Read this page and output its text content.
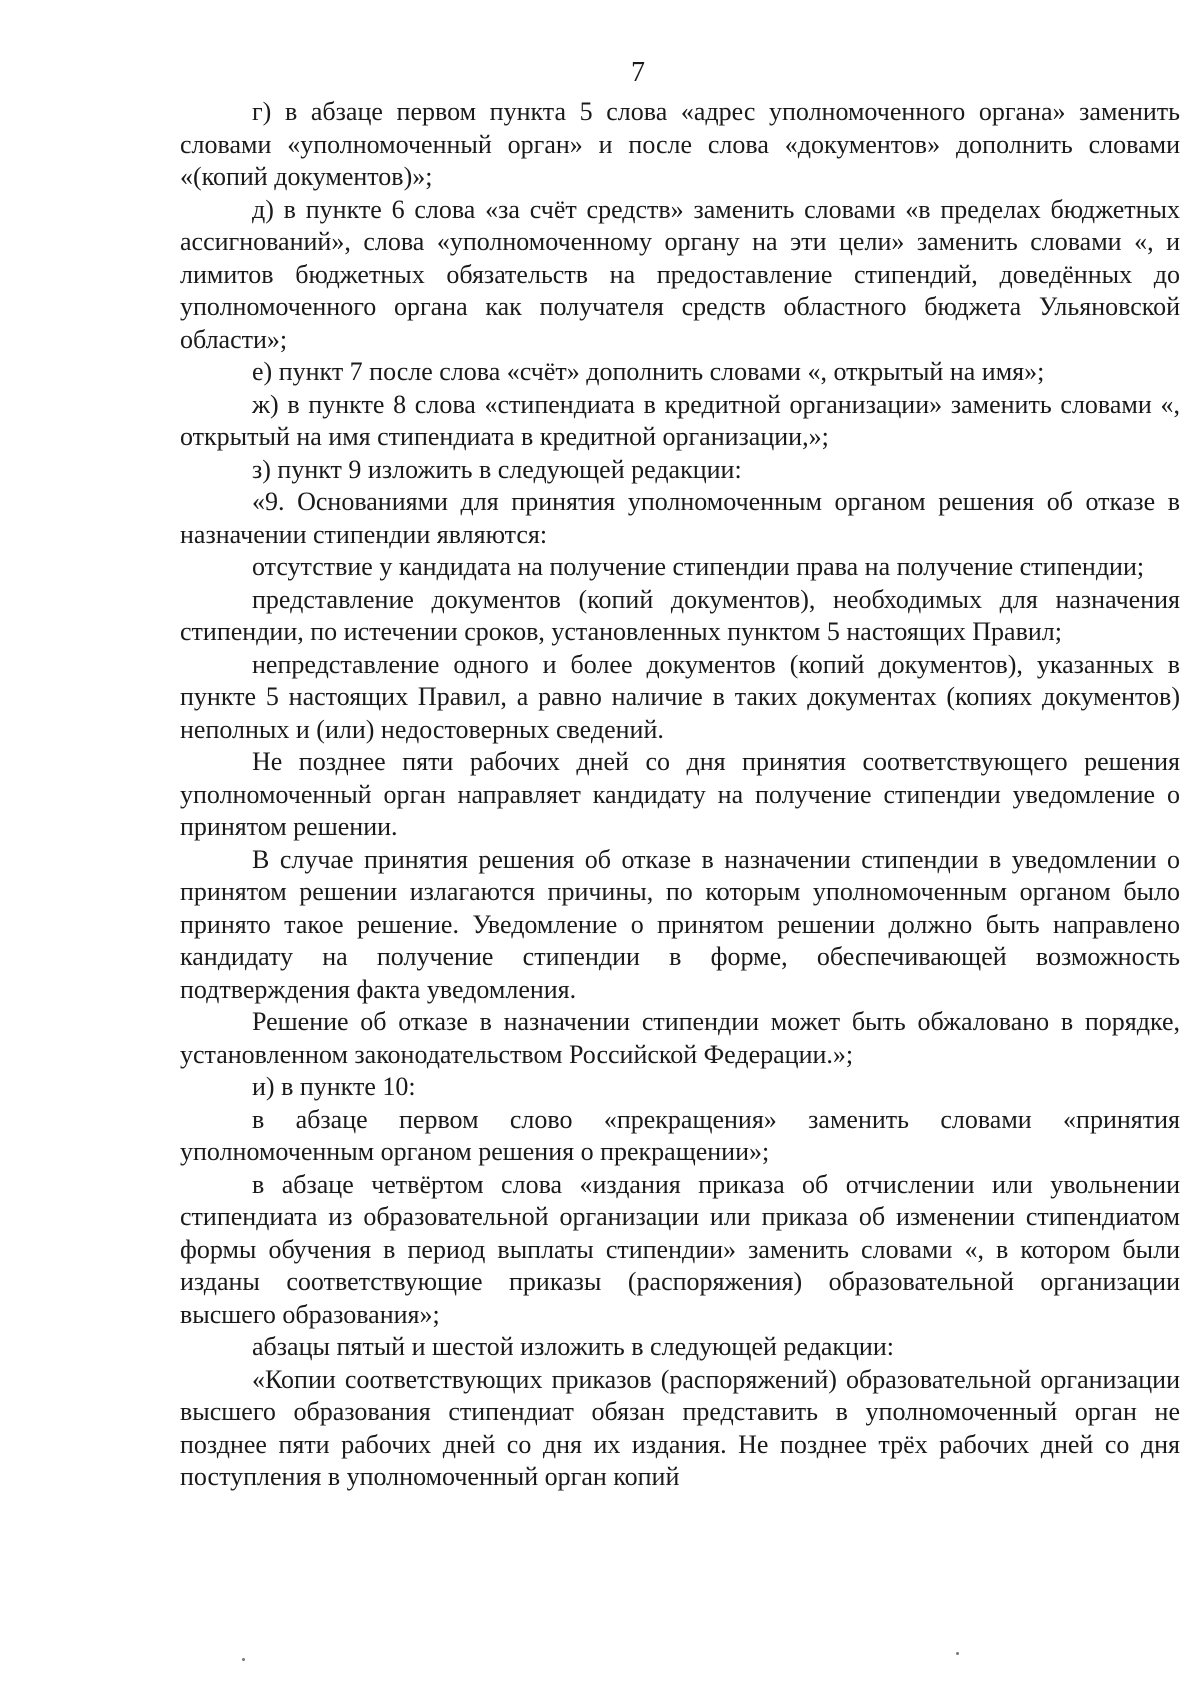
7

г) в абзаце первом пункта 5 слова «адрес уполномоченного органа» заменить словами «уполномоченный орган» и после слова «документов» дополнить словами «(копий документов)»;

д) в пункте 6 слова «за счёт средств» заменить словами «в пределах бюджетных ассигнований», слова «уполномоченному органу на эти цели» заменить словами «, и лимитов бюджетных обязательств на предоставление стипендий, доведённых до уполномоченного органа как получателя средств областного бюджета Ульяновской области»;

е) пункт 7 после слова «счёт» дополнить словами «, открытый на имя»;

ж) в пункте 8 слова «стипендиата в кредитной организации» заменить словами «, открытый на имя стипендиата в кредитной организации,»;

з) пункт 9 изложить в следующей редакции:

«9. Основаниями для принятия уполномоченным органом решения об отказе в назначении стипендии являются:

отсутствие у кандидата на получение стипендии права на получение стипендии;

представление документов (копий документов), необходимых для назначения стипендии, по истечении сроков, установленных пунктом 5 настоящих Правил;

непредставление одного и более документов (копий документов), указанных в пункте 5 настоящих Правил, а равно наличие в таких документах (копиях документов) неполных и (или) недостоверных сведений.

Не позднее пяти рабочих дней со дня принятия соответствующего решения уполномоченный орган направляет кандидату на получение стипендии уведомление о принятом решении.

В случае принятия решения об отказе в назначении стипендии в уведомлении о принятом решении излагаются причины, по которым уполномоченным органом было принято такое решение. Уведомление о принятом решении должно быть направлено кандидату на получение стипендии в форме, обеспечивающей возможность подтверждения факта уведомления.

Решение об отказе в назначении стипендии может быть обжаловано в порядке, установленном законодательством Российской Федерации.»;

и) в пункте 10:

в абзаце первом слово «прекращения» заменить словами «принятия уполномоченным органом решения о прекращении»;

в абзаце четвёртом слова «издания приказа об отчислении или увольнении стипендиата из образовательной организации или приказа об изменении стипендиатом формы обучения в период выплаты стипендии» заменить словами «, в котором были изданы соответствующие приказы (распоряжения) образовательной организации высшего образования»;

абзацы пятый и шестой изложить в следующей редакции:

«Копии соответствующих приказов (распоряжений) образовательной организации высшего образования стипендиат обязан представить в уполномоченный орган не позднее пяти рабочих дней со дня их издания. Не позднее трёх рабочих дней со дня поступления в уполномоченный орган копий
